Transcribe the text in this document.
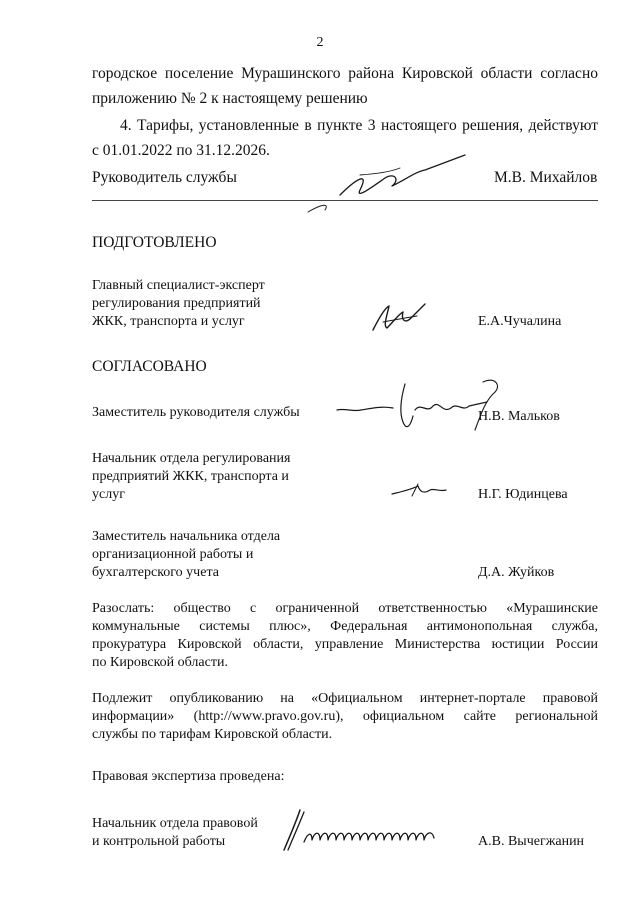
2
городское поселение Мурашинского района Кировской области согласно
приложению № 2 к настоящему решению
4. Тарифы, установленные в пункте 3 настоящего решения, действуют
с 01.01.2022 по 31.12.2026.
Руководитель службы	М.В. Михайлов
ПОДГОТОВЛЕНО
Главный специалист-эксперт
регулирования предприятий
ЖКК, транспорта и услуг	Е.А.Чучалина
СОГЛАСОВАНО
Заместитель руководителя службы	Н.В. Мальков
Начальник отдела регулирования
предприятий ЖКК, транспорта и
услуг	Н.Г. Юдинцева
Заместитель начальника отдела
организационной работы и
бухгалтерского учета	Д.А. Жуйков
Разослать: общество с ограниченной ответственностью «Мурашинские
коммунальные системы плюс», Федеральная антимонопольная служба,
прокуратура Кировской области, управление Министерства юстиции России
по Кировской области.
Подлежит опубликованию на «Официальном интернет-портале правовой
информации» (http://www.pravo.gov.ru), официальном сайте региональной
службы по тарифам Кировской области.
Правовая экспертиза проведена:
Начальник отдела правовой
и контрольной работы	А.В. Вычегжанин
